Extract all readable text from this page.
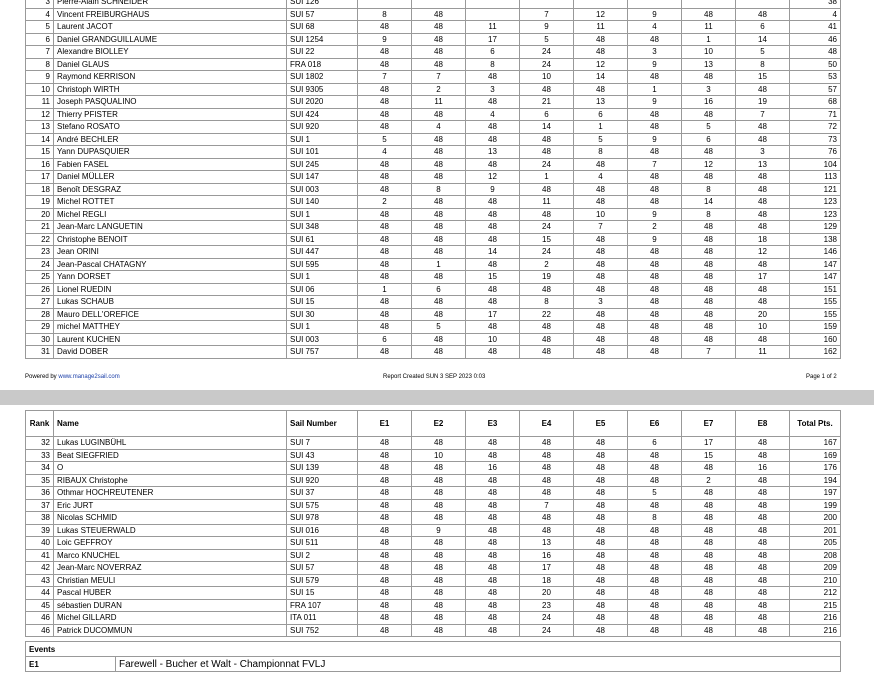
3	Pierre-Alain SCHNEIDER	SUI 126									38
4	Vincent FREIBURGHAUS	SUI 57	8	48		7	12	9	48	48	4
5	Laurent JACOT	SUI 68	48	48	11	9	11	4	11	6	41
6	Daniel GRANDGUILLAUME	SUI 1254	9	48	17	5	48	48	1	14	46
7	Alexandre BIOLLEY	SUI 22	48	48	6	24	48	3	10	5	48
8	Daniel GLAUS	FRA 018	48	48	8	24	12	9	13	8	50
9	Raymond KERRISON	SUI 1802	7	7	48	10	14	48	48	15	53
10	Christoph WIRTH	SUI 9305	48	2	3	48	48	1	3	48	57
11	Joseph PASQUALINO	SUI 2020	48	11	48	21	13	9	16	19	68
12	Thierry PFISTER	SUI 424	48	48	4	6	6	48	48	7	71
13	Stefano ROSATO	SUI 920	48	4	48	14	1	48	5	48	72
14	André BECHLER	SUI 1	5	48	48	48	5	9	6	48	73
15	Yann DUPASQUIER	SUI 101	4	48	13	48	8	48	48	3	76
16	Fabien FASEL	SUI 245	48	48	48	24	48	7	12	13	104
17	Daniel MÜLLER	SUI 147	48	48	12	1	4	48	48	48	113
18	Benoît DESGRAZ	SUI 003	48	8	9	48	48	48	8	48	121
19	Michel ROTTET	SUI 140	2	48	48	11	48	48	14	48	123
20	Michel REGLI	SUI 1	48	48	48	48	10	9	8	48	123
21	Jean-Marc LANGUETIN	SUI 348	48	48	48	24	7	2	48	48	129
22	Christophe BENOIT	SUI 61	48	48	48	15	48	9	48	18	138
23	Jean ORINI	SUI 447	48	48	14	24	48	48	48	12	146
24	Jean-Pascal CHATAGNY	SUI 595	48	1	48	2	48	48	48	48	147
25	Yann DORSET	SUI 1	48	48	15	19	48	48	48	17	147
26	Lionel RUEDIN	SUI 06	1	6	48	48	48	48	48	48	151
27	Lukas SCHAUB	SUI 15	48	48	48	8	3	48	48	48	155
28	Mauro DELL'OREFICE	SUI 30	48	48	17	22	48	48	48	20	155
29	michel MATTHEY	SUI 1	48	5	48	48	48	48	48	10	159
30	Laurent KUCHEN	SUI 003	6	48	10	48	48	48	48	48	160
31	David DOBER	SUI 757	48	48	48	48	48	48	7	11	162
Powered by www.manage2sail.com	Report Created SUN 3 SEP 2023 0:03	Page 1 of 2
Rank	Name	Sail Number	E1	E2	E3	E4	E5	E6	E7	E8	Total Pts.
32	Lukas LUGINBÜHL	SUI 7	48	48	48	48	48	6	17	48	167
33	Beat SIEGFRIED	SUI 43	48	10	48	48	48	48	15	48	169
34	O	SUI 139	48	48	16	48	48	48	48	16	176
35	RIBAUX Christophe	SUI 920	48	48	48	48	48	48	2	48	194
36	Othmar HOCHREUTENER	SUI 37	48	48	48	48	48	5	48	48	197
37	Eric JURT	SUI 575	48	48	48	7	48	48	48	48	199
38	Nicolas SCHMID	SUI 978	48	48	48	48	48	8	48	48	200
39	Lukas STEUERWALD	SUI 016	48	9	48	48	48	48	48	48	201
40	Loic GEFFROY	SUI 511	48	48	48	13	48	48	48	48	205
41	Marco KNUCHEL	SUI 2	48	48	48	16	48	48	48	48	208
42	Jean-Marc NOVERRAZ	SUI 57	48	48	48	17	48	48	48	48	209
43	Christian MEULI	SUI 579	48	48	48	18	48	48	48	48	210
44	Pascal HUBER	SUI 15	48	48	48	20	48	48	48	48	212
45	sébastien DURAN	FRA 107	48	48	48	23	48	48	48	48	215
46	Michel GILLARD	ITA 011	48	48	48	24	48	48	48	48	216
46	Patrick DUCOMMUN	SUI 752	48	48	48	24	48	48	48	48	216
Events
E1	Farewell - Bucher et Walt - Championnat FVLJ
